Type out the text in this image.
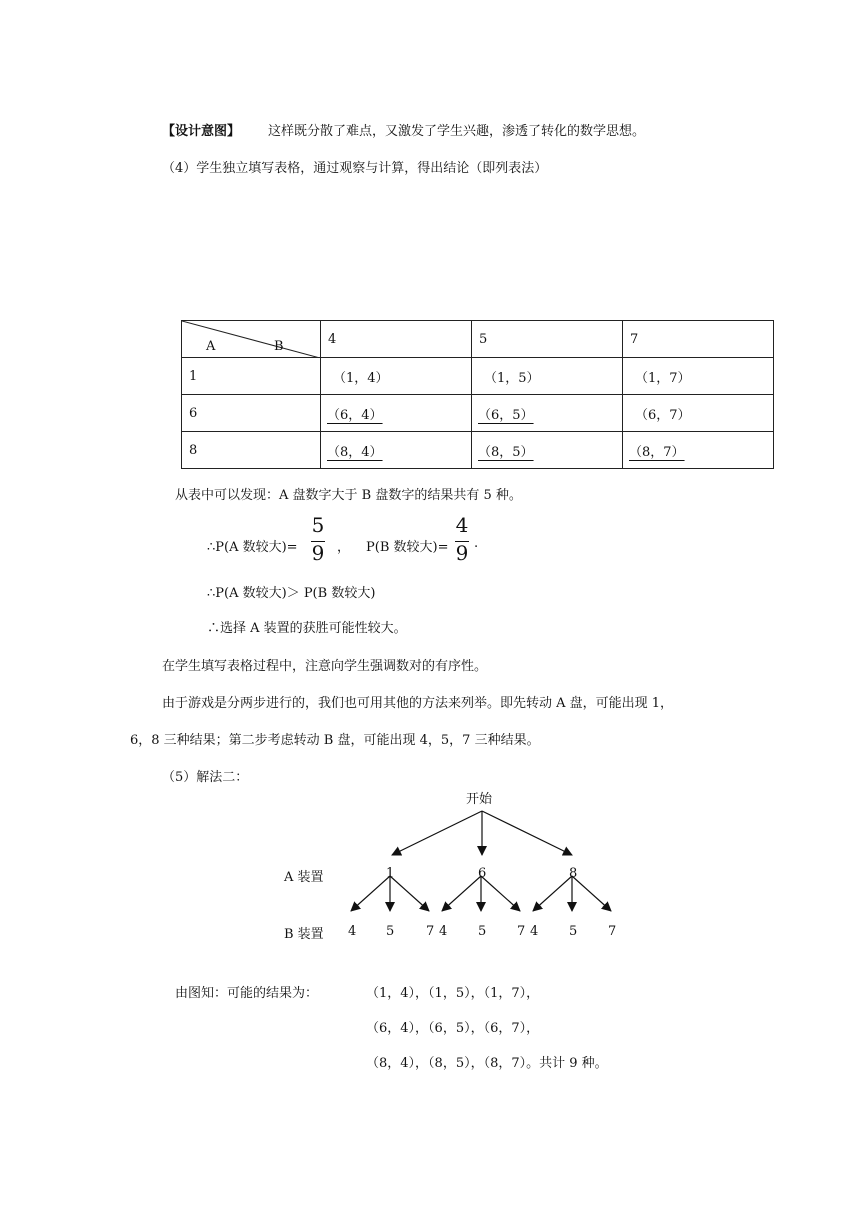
【设计意图】 这样既分散了难点，又激发了学生兴趣，渗透了转化的数学思想。
（4）学生独立填写表格，通过观察与计算，得出结论（即列表法）
A B	4	5	7
1	（1，4）	（1，5）	（1，7）
6	（6，4）	（6，5）	（6，7）
8	（8，4）	（8，5）	（8，7）
从表中可以发现：A 盘数字大于 B 盘数字的结果共有 5 种。
∴P(A 数较大)=
5
9 ， P(B 数较大)=
4
9 .
∴P(A 数较大)＞ P(B 数较大)
∴选择 A 装置的获胜可能性较大。
在学生填写表格过程中，注意向学生强调数对的有序性。
由于游戏是分两步进行的，我们也可用其他的方法来列举。即先转动 A 盘，可能出现 1，
6，8 三种结果；第二步考虑转动 B 盘，可能出现 4，5，7 三种结果。
（5）解法二：
开始
A 装置
B 装置
1	6	8
4 5 7 4 5 7 4 5 7
由图知：可能的结果为：	（1，4），（1，5），（1，7），
（6，4），（6，5），（6，7），
（8，4），（8，5），（8，7）。共计 9 种。
